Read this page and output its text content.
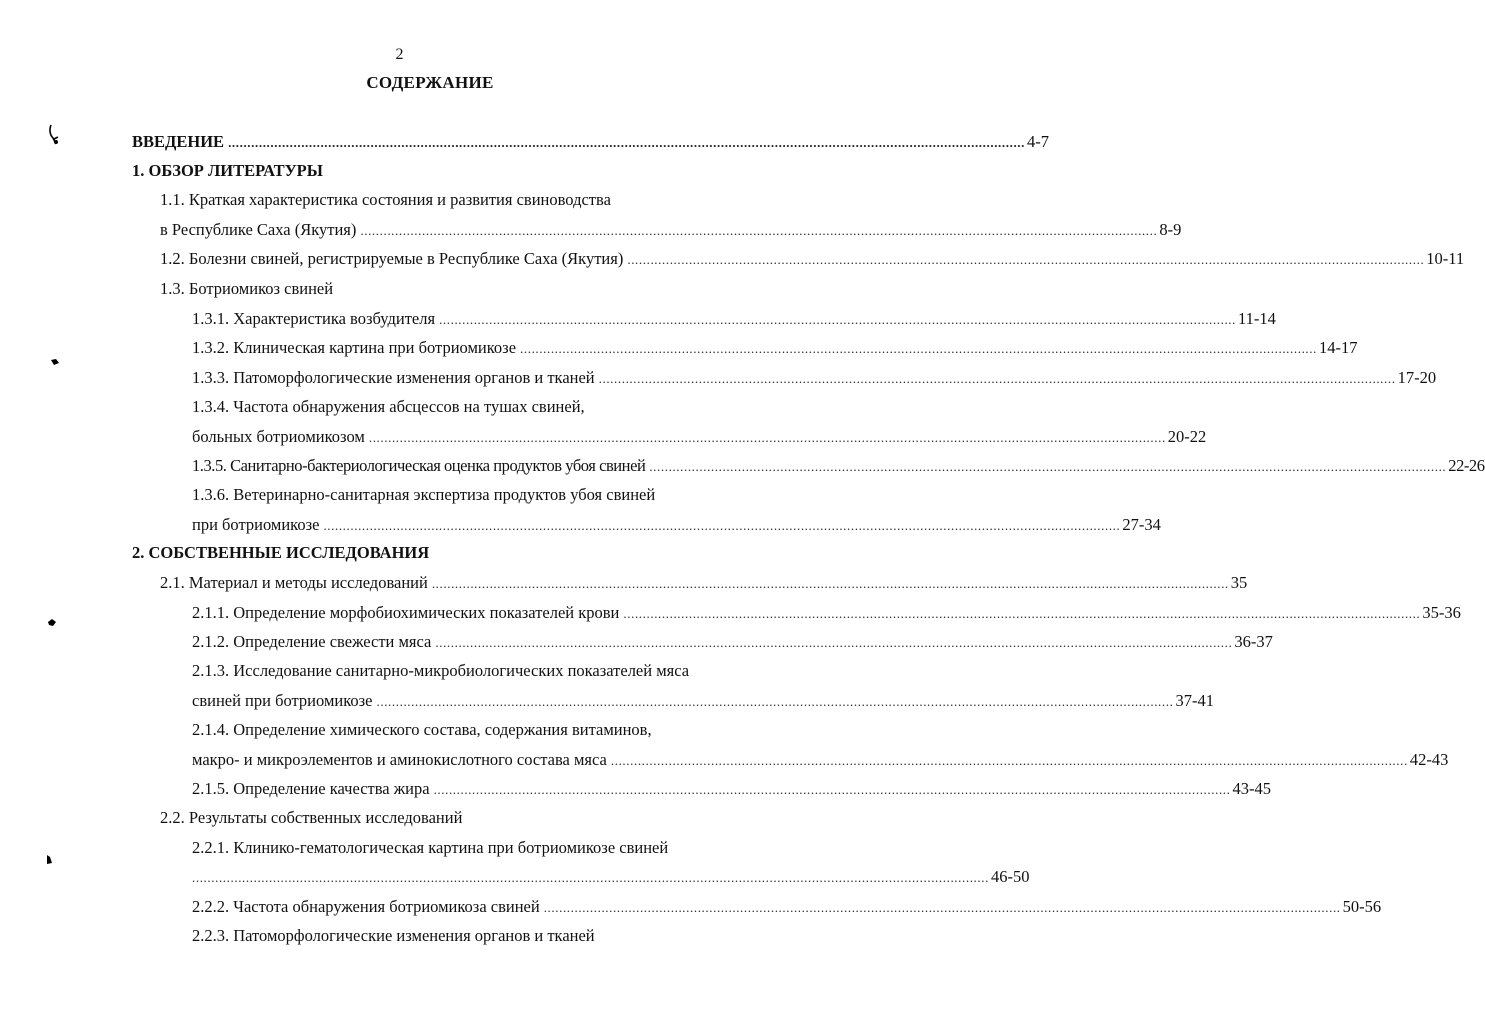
2
СОДЕРЖАНИЕ
ВВЕДЕНИЕ ............................................................................................................................................................................................................... 4-7
1. ОБЗОР ЛИТЕРАТУРЫ
1.1. Краткая характеристика состояния и развития свиноводства
в Республике Саха (Якутия) ............................................................................................................................................................................................................... 8-9
1.2. Болезни свиней, регистрируемые в Республике Саха (Якутия) ............................................................................................................................................................................................................... 10-11
1.3. Ботриомикоз свиней
1.3.1. Характеристика возбудителя ............................................................................................................................................................................................................... 11-14
1.3.2. Клиническая картина при ботриомикозе ............................................................................................................................................................................................................... 14-17
1.3.3. Патоморфологические изменения органов и тканей ............................................................................................................................................................................................................... 17-20
1.3.4. Частота обнаружения абсцессов на тушах свиней,
больных ботриомикозом ............................................................................................................................................................................................................... 20-22
1.3.5. Санитарно-бактериологическая оценка продуктов убоя свиней ............................................................................................................................................................................................................... 22-26
1.3.6. Ветеринарно-санитарная экспертиза продуктов убоя свиней
при ботриомикозе ............................................................................................................................................................................................................... 27-34
2. СОБСТВЕННЫЕ ИССЛЕДОВАНИЯ
2.1. Материал и методы исследований ............................................................................................................................................................................................................... 35
2.1.1. Определение морфобиохимических показателей крови ............................................................................................................................................................................................................... 35-36
2.1.2. Определение свежести мяса ............................................................................................................................................................................................................... 36-37
2.1.3. Исследование санитарно-микробиологических показателей мяса
свиней при ботриомикозе ............................................................................................................................................................................................................... 37-41
2.1.4. Определение химического состава, содержания витаминов,
макро- и микроэлементов и аминокислотного состава мяса ............................................................................................................................................................................................................... 42-43
2.1.5. Определение качества жира ............................................................................................................................................................................................................... 43-45
2.2. Результаты собственных исследований
2.2.1. Клинико-гематологическая картина при ботриомикозе свиней
............................................................................................................................................................................................................... 46-50
2.2.2. Частота обнаружения ботриомикоза свиней ............................................................................................................................................................................................................... 50-56
2.2.3. Патоморфологические изменения органов и тканей
